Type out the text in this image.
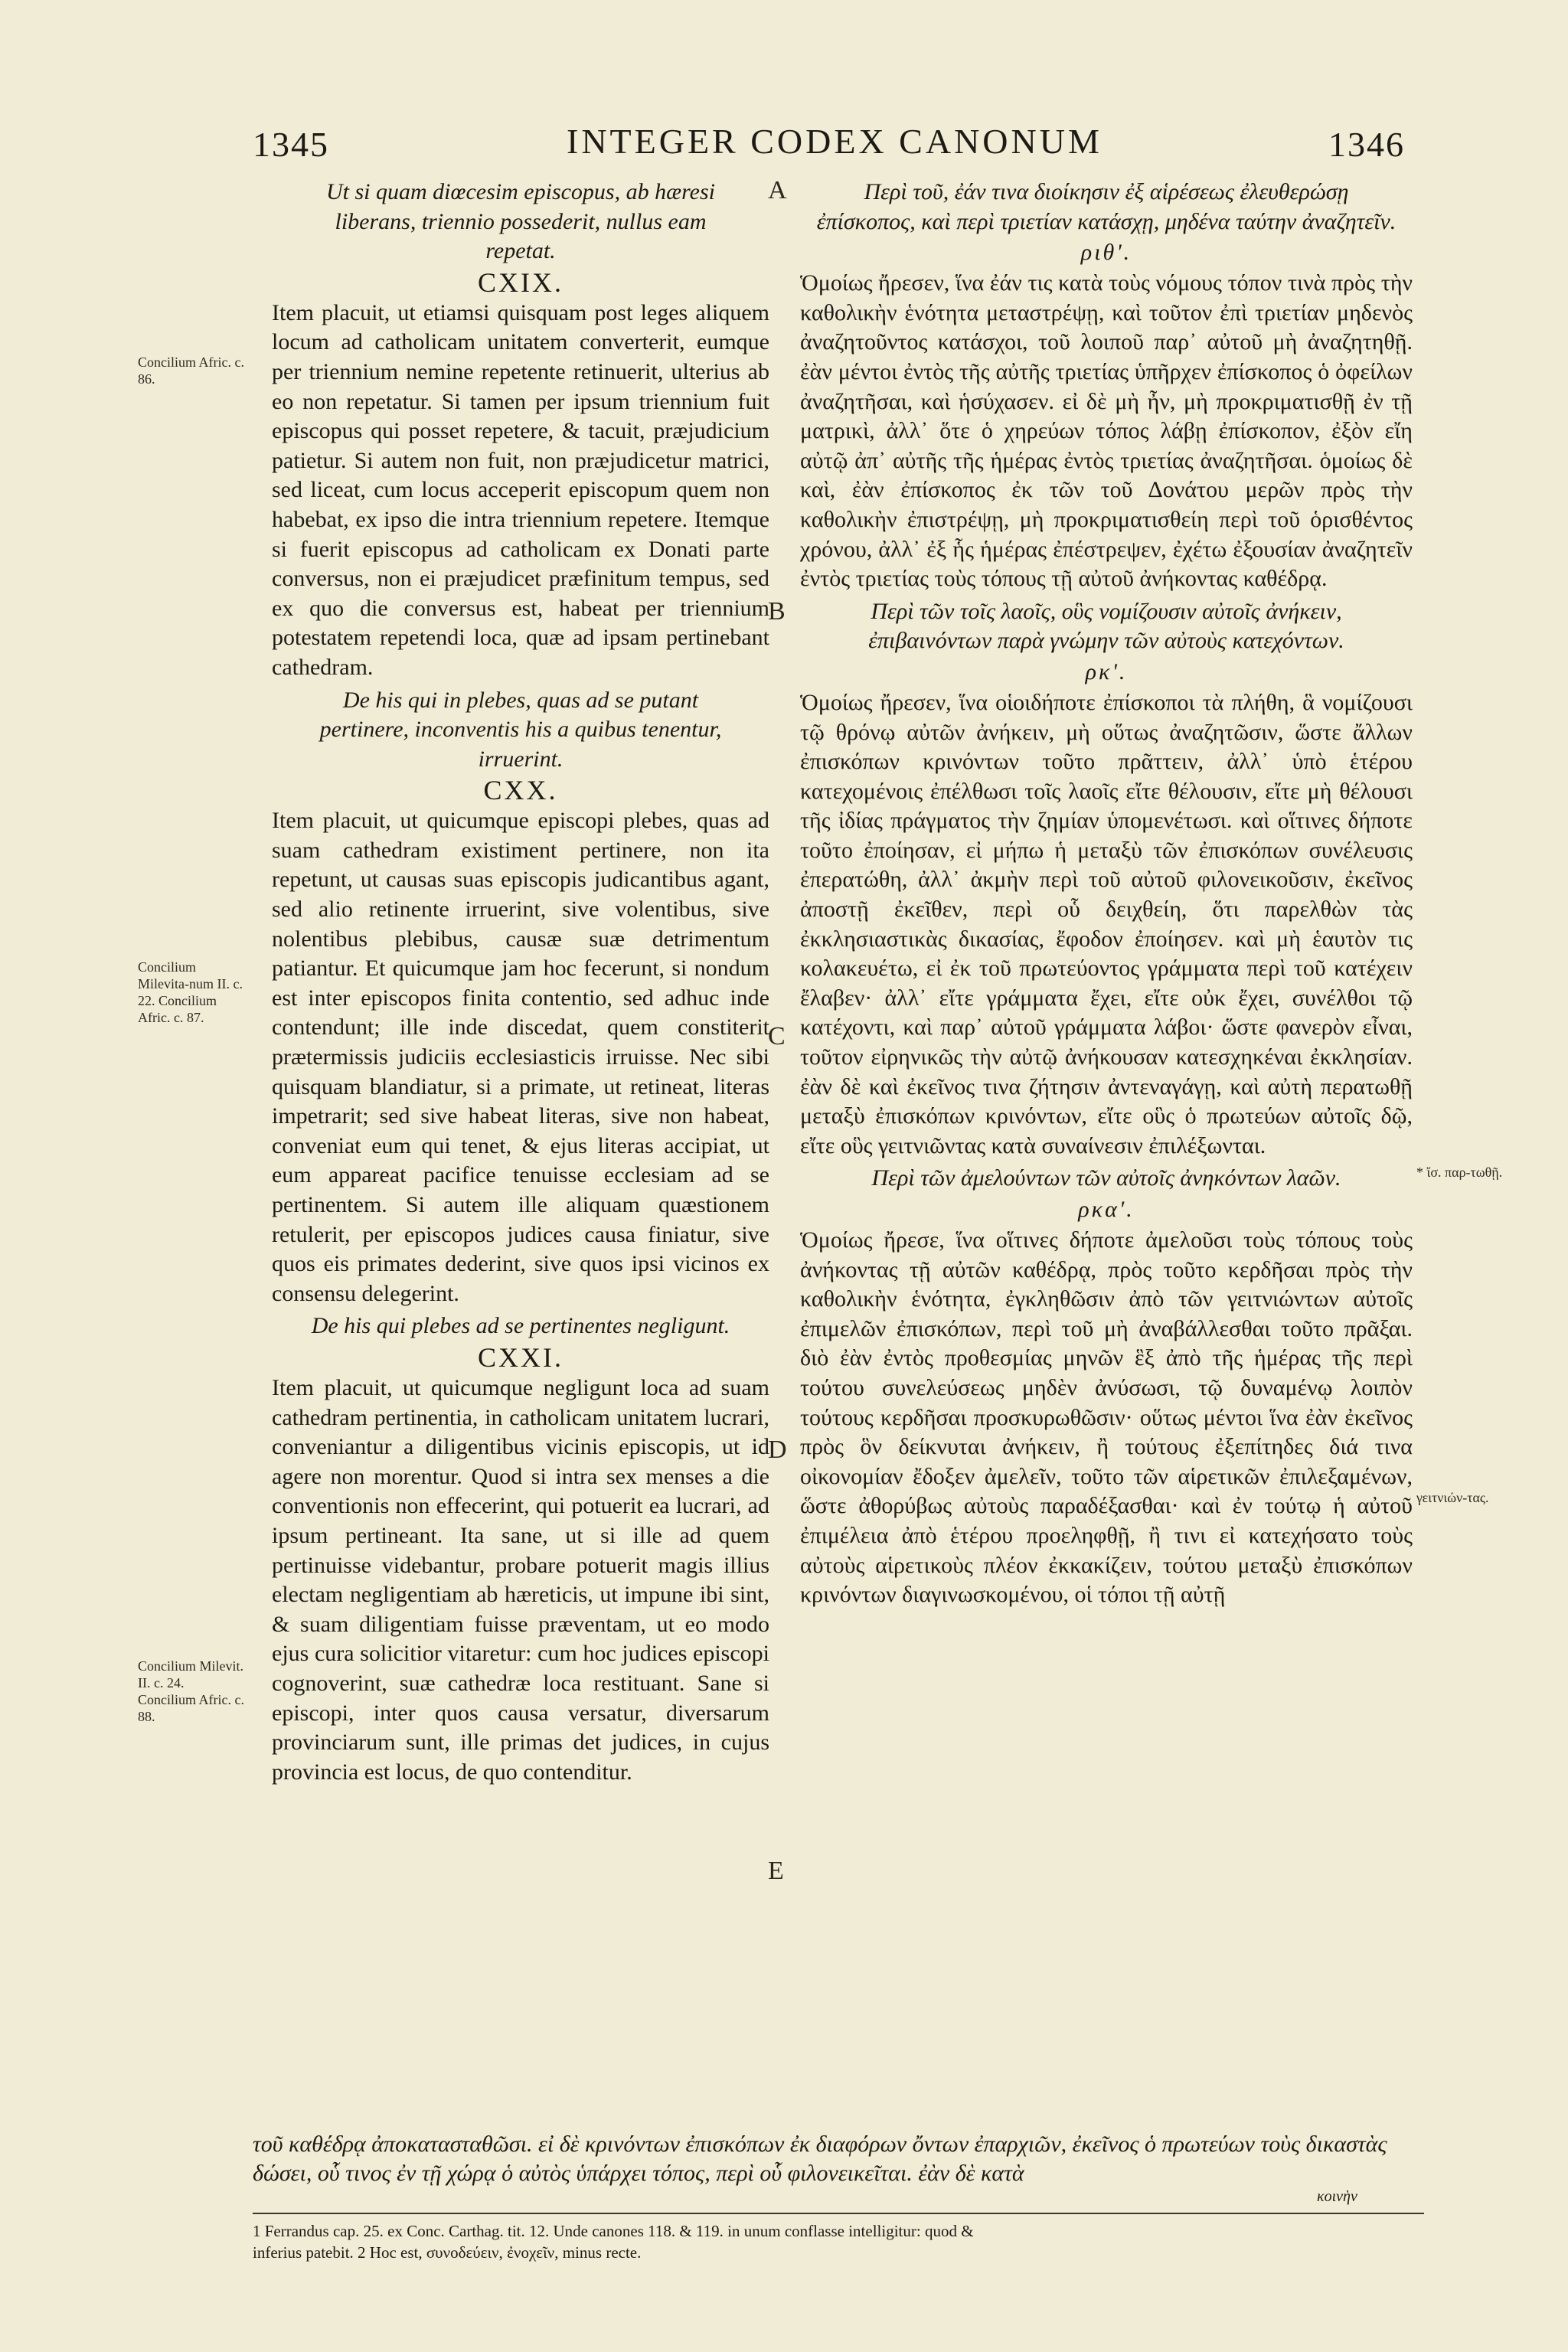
1345	INTEGER CODEX CANONUM	1346
A
B
C
D
E
Concilium Afric. c. 86.
Concilium Milevita-num II. c. 22. Concilium Afric. c. 87.
Concilium Milevit. II. c. 24. Concilium Afric. c. 88.
* ἴσ. παρ-τωθῇ.
γειτνιών-τας.

Ut si quam diœcesim episcopus, ab hæresi liberans, triennio possederit, nullus eam repetat.

CXIX.

Item placuit, ut etiamsi quisquam post leges aliquem locum ad catholicam unitatem converterit, eumque per triennium nemine repetente retinuerit, ulterius ab eo non repetatur. Si tamen per ipsum triennium fuit episcopus qui posset repetere, & tacuit, præjudicium patietur. Si autem non fuit, non præjudicetur matrici, sed liceat, cum locus acceperit episcopum quem non habebat, ex ipso die intra triennium repetere. Itemque si fuerit episcopus ad catholicam ex Donati parte conversus, non ei præjudicet præfinitum tempus, sed ex quo die conversus est, habeat per triennium potestatem repetendi loca, quæ ad ipsam pertinebant cathedram.

De his qui in plebes, quas ad se putant pertinere, inconventis his a quibus tenentur, irruerint.

CXX.

Item placuit, ut quicumque episcopi plebes, quas ad suam cathedram existiment pertinere, non ita repetunt, ut causas suas episcopis judicantibus agant, sed alio retinente irruerint, sive volentibus, sive nolentibus plebibus, causæ suæ detrimentum patiantur. Et quicumque jam hoc fecerunt, si nondum est inter episcopos finita contentio, sed adhuc inde contendunt; ille inde discedat, quem constiterit prætermissis judiciis ecclesiasticis irruisse. Nec sibi quisquam blandiatur, si a primate, ut retineat, literas impetrarit; sed sive habeat literas, sive non habeat, conveniat eum qui tenet, & ejus literas accipiat, ut eum appareat pacifice tenuisse ecclesiam ad se pertinentem. Si autem ille aliquam quæstionem retulerit, per episcopos judices causa finiatur, sive quos eis primates dederint, sive quos ipsi vicinos ex consensu delegerint.

De his qui plebes ad se pertinentes negligunt.

CXXI.

Item placuit, ut quicumque negligunt loca ad suam cathedram pertinentia, in catholicam unitatem lucrari, conveniantur a diligentibus vicinis episcopis, ut id agere non morentur. Quod si intra sex menses a die conventionis non effecerint, qui potuerit ea lucrari, ad ipsum pertineant. Ita sane, ut si ille ad quem pertinuisse videbantur, probare potuerit magis illius electam negligentiam ab hæreticis, ut impune ibi sint, & suam diligentiam fuisse præventam, ut eo modo ejus cura solicitior vitaretur: cum hoc judices episcopi cognoverint, suæ cathedræ loca restituant. Sane si episcopi, inter quos causa versatur, diversarum provinciarum sunt, ille primas det judices, in cujus provincia est locus, de quo contenditur.

Περὶ τοῦ, ἐάν τινα διοίκησιν ἐξ αἱρέσεως ἐλευθερώσῃ ἐπίσκοπος, καὶ περὶ τριετίαν κατάσχῃ, μηδένα ταύτην ἀναζητεῖν.

ριθ'.

Ὁμοίως ἤρεσεν, ἵνα ἐάν τις κατὰ τοὺς νόμους τόπον τινὰ πρὸς τὴν καθολικὴν ἑνότητα μεταστρέψῃ, καὶ τοῦτον ἐπὶ τριετίαν μηδενὸς ἀναζητοῦντος κατάσχοι, τοῦ λοιποῦ παρ᾽ αὐτοῦ μὴ ἀναζητηθῇ. ἐὰν μέντοι ἐντὸς τῆς αὐτῆς τριετίας ὑπῆρχεν ἐπίσκοπος ὁ ὀφείλων ἀναζητῆσαι, καὶ ἡσύχασεν. εἰ δὲ μὴ ἦν, μὴ προκριματισθῇ ἐν τῇ ματρικὶ, ἀλλ᾽ ὅτε ὁ χηρεύων τόπος λάβῃ ἐπίσκοπον, ἐξὸν εἴη αὐτῷ ἀπ᾽ αὐτῆς τῆς ἡμέρας ἐντὸς τριετίας ἀναζητῆσαι. ὁμοίως δὲ καὶ, ἐὰν ἐπίσκοπος ἐκ τῶν τοῦ Δονάτου μερῶν πρὸς τὴν καθολικὴν ἐπιστρέψῃ, μὴ προκριματισθείη περὶ τοῦ ὁρισθέντος χρόνου, ἀλλ᾽ ἐξ ἧς ἡμέρας ἐπέστρεψεν, ἐχέτω ἐξουσίαν ἀναζητεῖν ἐντὸς τριετίας τοὺς τόπους τῇ αὐτοῦ ἀνήκοντας καθέδρᾳ.

Περὶ τῶν τοῖς λαοῖς, οὓς νομίζουσιν αὐτοῖς ἀνήκειν, ἐπιβαινόντων παρὰ γνώμην τῶν αὐτοὺς κατεχόντων.

ρκ'.

Ὁμοίως ἤρεσεν, ἵνα οἱοιδήποτε ἐπίσκοποι τὰ πλήθη, ἃ νομίζουσι τῷ θρόνῳ αὐτῶν ἀνήκειν, μὴ οὕτως ἀναζητῶσιν, ὥστε ἄλλων ἐπισκόπων κρινόντων τοῦτο πρᾶττειν, ἀλλ᾽ ὑπὸ ἑτέρου κατεχομένοις ἐπέλθωσι τοῖς λαοῖς εἴτε θέλουσιν, εἴτε μὴ θέλουσι τῆς ἰδίας πράγματος τὴν ζημίαν ὑπομενέτωσι. καὶ οἵτινες δήποτε τοῦτο ἐποίησαν, εἰ μήπω ἡ μεταξὺ τῶν ἐπισκόπων συνέλευσις ἐπερατώθη, ἀλλ᾽ ἀκμὴν περὶ τοῦ αὐτοῦ φιλονεικοῦσιν, ἐκεῖνος ἀποστῇ ἐκεῖθεν, περὶ οὗ δειχθείη, ὅτι παρελθὼν τὰς ἐκκλησιαστικὰς δικασίας, ἔφοδον ἐποίησεν. καὶ μὴ ἑαυτὸν τις κολακευέτω, εἰ ἐκ τοῦ πρωτεύοντος γράμματα περὶ τοῦ κατέχειν ἔλαβεν· ἀλλ᾽ εἴτε γράμματα ἔχει, εἴτε οὐκ ἔχει, συνέλθοι τῷ κατέχοντι, καὶ παρ᾽ αὐτοῦ γράμματα λάβοι· ὥστε φανερὸν εἶναι, τοῦτον εἰρηνικῶς τὴν αὐτῷ ἀνήκουσαν κατεσχηκέναι ἐκκλησίαν. ἐὰν δὲ καὶ ἐκεῖνος τινα ζήτησιν ἀντεναγάγῃ, καὶ αὐτὴ περατωθῇ μεταξὺ ἐπισκόπων κρινόντων, εἴτε οὓς ὁ πρωτεύων αὐτοῖς δῷ, εἴτε οὓς γειτνιῶντας κατὰ συναίνεσιν ἐπιλέξωνται.

Περὶ τῶν ἀμελούντων τῶν αὐτοῖς ἀνηκόντων λαῶν.

ρκα'.

Ὁμοίως ἤρεσε, ἵνα οἵτινες δήποτε ἀμελοῦσι τοὺς τόπους τοὺς ἀνήκοντας τῇ αὐτῶν καθέδρᾳ, πρὸς τοῦτο κερδῆσαι πρὸς τὴν καθολικὴν ἑνότητα, ἐγκληθῶσιν ἀπὸ τῶν γειτνιώντων αὐτοῖς ἐπιμελῶν ἐπισκόπων, περὶ τοῦ μὴ ἀναβάλλεσθαι τοῦτο πρᾶξαι. διὸ ἐὰν ἐντὸς προθεσμίας μηνῶν ἓξ ἀπὸ τῆς ἡμέρας τῆς περὶ τούτου συνελεύσεως μηδὲν ἀνύσωσι, τῷ δυναμένῳ λοιπὸν τούτους κερδῆσαι προσκυρωθῶσιν· οὕτως μέντοι ἵνα ἐὰν ἐκεῖνος πρὸς ὃν δείκνυται ἀνήκειν, ἢ τούτους ἐξεπίτηδες διά τινα οἰκονομίαν ἔδοξεν ἀμελεῖν, τοῦτο τῶν αἱρετικῶν ἐπιλεξαμένων, ὥστε ἀθορύβως αὐτοὺς παραδέξασθαι· καὶ ἐν τούτῳ ἡ αὐτοῦ ἐπιμέλεια ἀπὸ ἑτέρου προεληφθῇ, ἢ τινι εἰ κατεχήσατο τοὺς αὐτοὺς αἱρετικοὺς πλέον ἐκκακίζειν, τούτου μεταξὺ ἐπισκόπων κρινόντων διαγινωσκομένου, οἱ τόποι τῇ αὐτῇ

τοῦ καθέδρᾳ ἀποκατασταθῶσι. εἰ δὲ κρινόντων ἐπισκόπων ἐκ διαφόρων ὄντων ἐπαρχιῶν, ἐκεῖνος ὁ πρωτεύων τοὺς δικαστὰς δώσει, οὗ τινος ἐν τῇ χώρᾳ ὁ αὐτὸς ὑπάρχει τόπος, περὶ οὗ φιλονεικεῖται. ἐὰν δὲ κατὰ
κοινὴν
1 Ferrandus cap. 25. ex Conc. Carthag. tit. 12. Unde canones 118. & 119. in unum conflasse intelligitur: quod &
inferius patebit. 2 Hoc est, συνοδεύειν, ἐνοχεῖν, minus recte.
